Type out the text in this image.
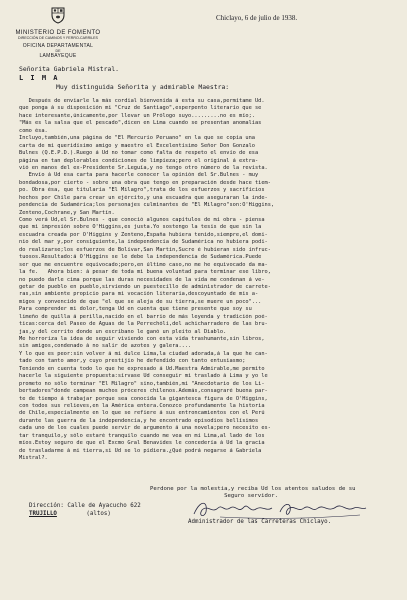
MINISTERIO DE FOMENTO
DIRECCIÓN DE CAMINOS Y FERRO-CARRILES
OFICINA DEPARTAMENTAL
DE
LAMBAYEQUE
Chiclayo, 6 de julio de 1938.
Señorita Gabriela Mistral.
L I M A
Muy distinguida Señorita y admirable Maestra:
Después de enviarle la más cordial bienvenida á esta su casa,permítame Ud.
que ponga á su disposición mi "Cruz de Santiago",esperpento literario que se
hace interesante,únicamente,por llevar un Prólogo suyo.........no es mío;.
"Más es la salsa que el pescado",dicen en Lima cuando se presentan anomalías
como ésa.
Incluyo,también,una página de "El Mercurio Peruano" en la que se copia una
carta de mi queridísimo amigo y maestro el Excelentísimo Señor Don Gonzalo
Bulnes (Q.E.P.D.).Ruego á Ud no tomar como falta de respeto el envío de esa
página en tan deplorables condiciones de limpieza;pero el original á extra-
vió en manos del ex-Presidente Sr.Leguía,y no tengo otro número de la revista.
Envío á Ud esa carta para hacerle conocer la opinión del Sr.Bulnes - muy
bondadosa,por cierto - sobre una obra que tengo en preparación desde hace tiem-
po. Obra ésa, que titularía "El Milagro",trata de los esfuerzos y sacrificios
hechos por Chile para crear un ejército,y una escuadra que aseguraran la inde-
pendencia de Sudamérica;los personajes culminantes de "El Milagro"son:O'Higgins,
Zenteno,Cochrane,y San Martín.
Como verá Ud,el Sr.Bulnes - que conoció algunos capítulos de mi obra - piensa
que mi impresión sobre O'Higgins,es justa.Yo sostengo la tesis de que sin la
escuadra creada por O'Higgins y Zenteno,España hubiera tenido,siempre,el domi-
nio del mar y,por consiguiente,la independencia de Sudamérica no hubiera podi-
do realizarse;los esfuerzos de Bolívar,San Martín,Sucre é hubieran sido infruc-
tuosos.Resultado:á O'Higgins se le debe la independencia de Sudamérica.Puede
ser que me encuentre equivocado;pero,en último caso,no me he equivocado da ma-
la fe.   Ahora bien: á pesar de toda mi buena voluntad para terminar ese libro,
no puedo darle cima porque las duras necesidades de la vida me condenan á ve-
getar de pueblo en pueblo,sirviendo un puestecillo de administrador de carrete-
ras,sin ambiente propicio para mi vocación literaria,descoyuntado de mis a-
migos y convencido de que "el que se aleja de su tierra,se muere un poco"...
Para comprender mi dolor,tenga Ud en cuenta que tiene presente que soy su
limeño de quilla á perilla,nacido en el barrio de más leyenda y tradición poé-
ticas:cerca del Paseo de Aguas de la Perrechóli,del achicharradero de las bru-
jas,y del cerrito donde un escribano le ganó un pleito al Diablo.
Me horroriza la idea de seguir viviendo con esta vida trashumante,sin libros,
sin amigos,condenado á no salir de azotes y galera....
Y lo que es peor:sin volver á mi dulce Lima,la ciudad adorada,á la que he can-
tado con tanto amor,y cuyo prestijio he defendido con tanto entusiasmo;
Teniendo en cuenta todo lo que he expresado á Ud.Maestra Admirable,me permito
hacerle la siguiente propuesta:sírvase Ud conseguir mi traslado á Lima y yo le
prometo no sólo terminar "El Milagro" sino,también,mi "Anecdotario de los Li-
bertadores"donde campean muchos próceres chilenos.Además,consagraré buena par-
te de tiempo á trabajar porque sea conocida la gigantesca figura de O'Higgins,
con todos sus relieves,en la América entera.Conozco profundamente la historia
de Chile,especialmente en lo que se refiere á sus entroncamientos con el Perú
durante las guerra de la independencia,y he encontrado episodios bellísimos
cada uno de los cuales puede servir de argumento á una novela;pero necesito es-
tar tranquilo,y sólo estaré tranquilo cuando me vea en mi Lima,al lado de los
míos.Estoy seguro de que el Excmo Gral Benavides le concedería á Ud la gracia
de trasladarme á mi tierra,si Ud se lo pidiera.¿Qué podrá negarse á Gabriela
Mistral?.
Perdone por la molestia,y reciba Ud los atentos saludos de su
Seguro servidor.
Dirección: Calle de Ayacucho 622
TRUJILLO	(altos)
Administrador de las Carreteras Chiclayo.
